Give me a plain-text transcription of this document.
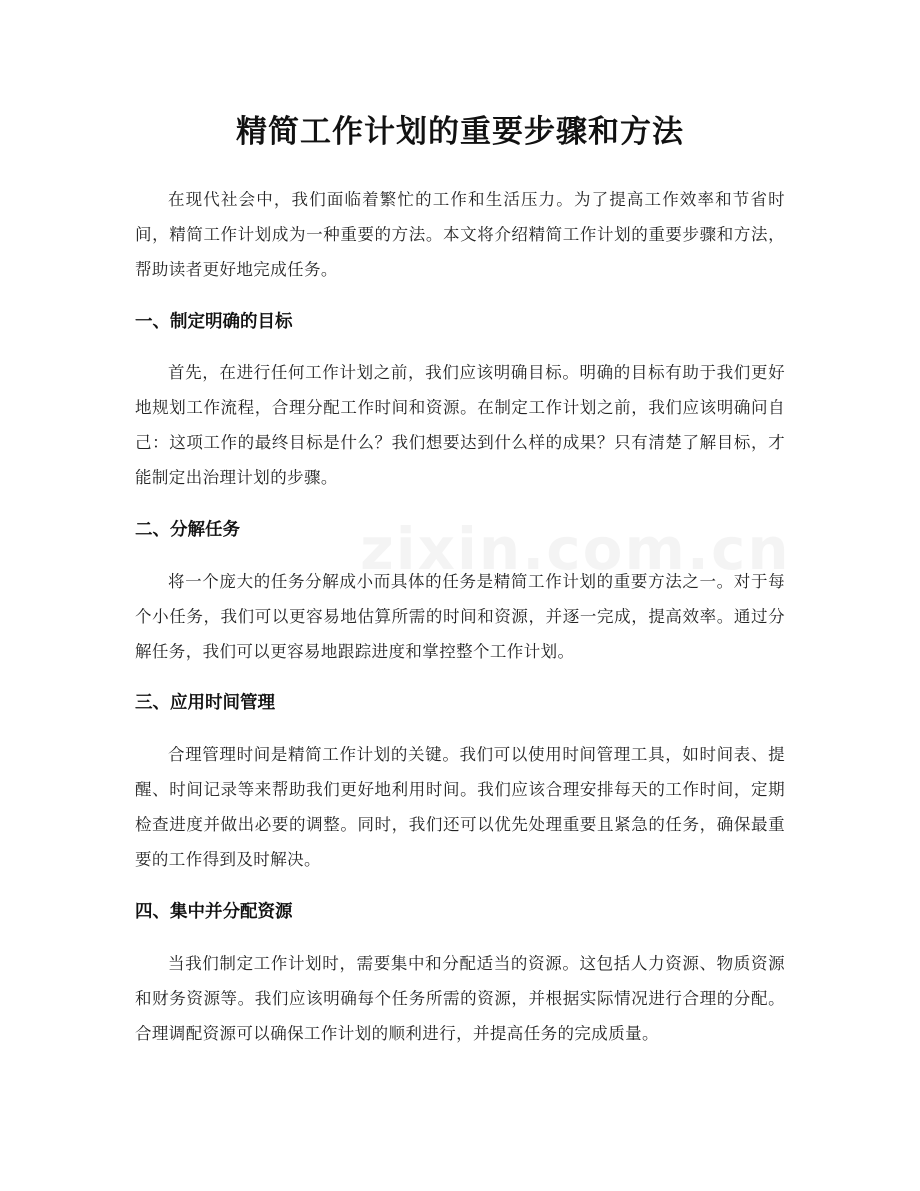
精简工作计划的重要步骤和方法
在现代社会中，我们面临着繁忙的工作和生活压力。为了提高工作效率和节省时间，精简工作计划成为一种重要的方法。本文将介绍精简工作计划的重要步骤和方法，帮助读者更好地完成任务。
一、制定明确的目标
首先，在进行任何工作计划之前，我们应该明确目标。明确的目标有助于我们更好地规划工作流程，合理分配工作时间和资源。在制定工作计划之前，我们应该明确问自己：这项工作的最终目标是什么？我们想要达到什么样的成果？只有清楚了解目标，才能制定出治理计划的步骤。
二、分解任务
将一个庞大的任务分解成小而具体的任务是精简工作计划的重要方法之一。对于每个小任务，我们可以更容易地估算所需的时间和资源，并逐一完成，提高效率。通过分解任务，我们可以更容易地跟踪进度和掌控整个工作计划。
三、应用时间管理
合理管理时间是精简工作计划的关键。我们可以使用时间管理工具，如时间表、提醒、时间记录等来帮助我们更好地利用时间。我们应该合理安排每天的工作时间，定期检查进度并做出必要的调整。同时，我们还可以优先处理重要且紧急的任务，确保最重要的工作得到及时解决。
四、集中并分配资源
当我们制定工作计划时，需要集中和分配适当的资源。这包括人力资源、物质资源和财务资源等。我们应该明确每个任务所需的资源，并根据实际情况进行合理的分配。合理调配资源可以确保工作计划的顺利进行，并提高任务的完成质量。
